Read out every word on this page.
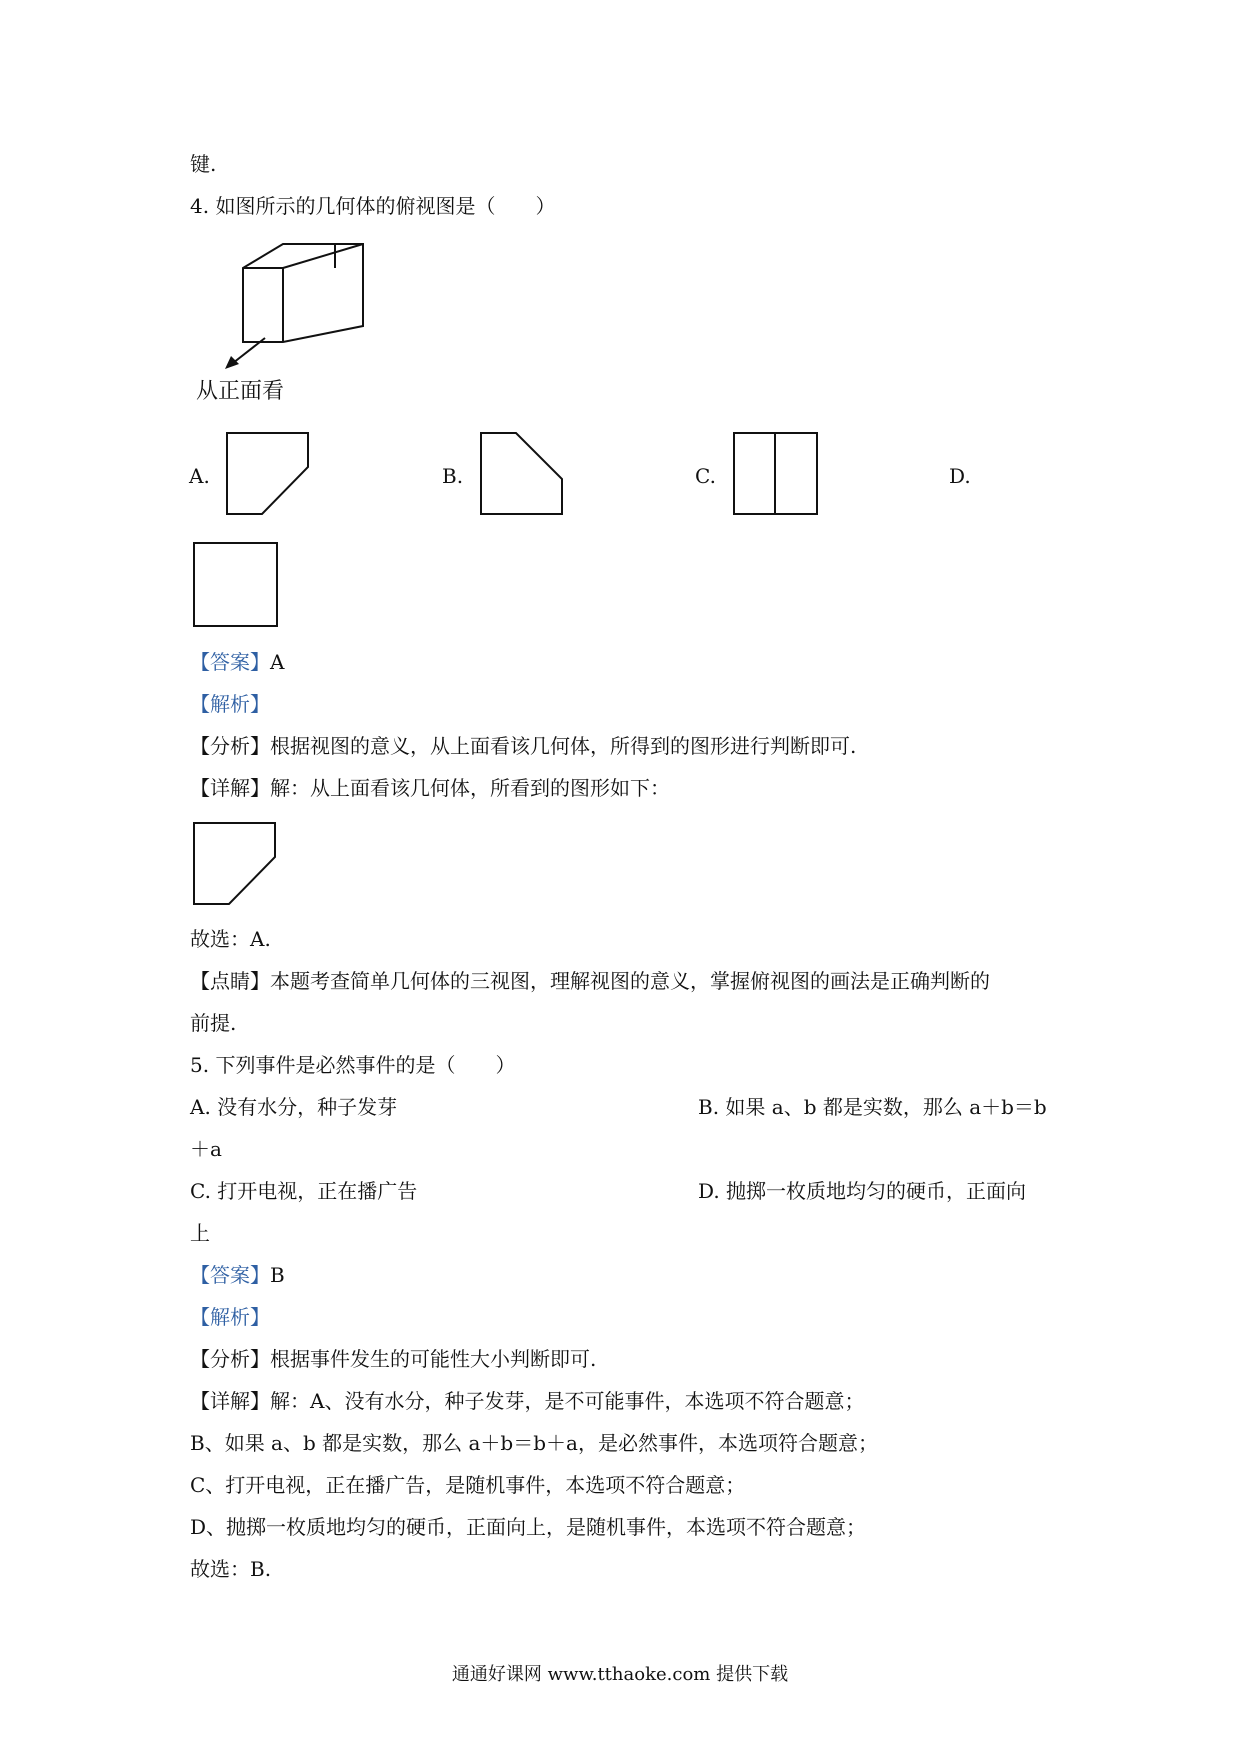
键.
4. 如图所示的几何体的俯视图是（　　）
从正面看
A.	B.	C.	D.
【答案】A
【解析】
【分析】根据视图的意义，从上面看该几何体，所得到的图形进行判断即可.
【详解】解：从上面看该几何体，所看到的图形如下：
故选：A.
【点睛】本题考查简单几何体的三视图，理解视图的意义，掌握俯视图的画法是正确判断的
前提.
5. 下列事件是必然事件的是（　　）
A. 没有水分，种子发芽	B. 如果 a、b 都是实数，那么 a＋b＝b
＋a
C. 打开电视，正在播广告	D. 抛掷一枚质地均匀的硬币，正面向
上
【答案】B
【解析】
【分析】根据事件发生的可能性大小判断即可.
【详解】解：A、没有水分，种子发芽，是不可能事件，本选项不符合题意；
B、如果 a、b 都是实数，那么 a＋b＝b＋a，是必然事件，本选项符合题意；
C、打开电视，正在播广告，是随机事件，本选项不符合题意；
D、抛掷一枚质地均匀的硬币，正面向上，是随机事件，本选项不符合题意；
故选：B.
通通好课网 www.tthaoke.com 提供下载
